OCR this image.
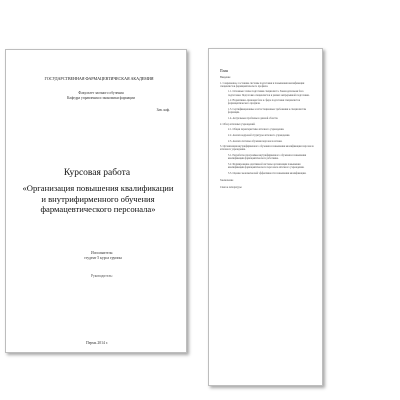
ГОСУДАРСТВЕННАЯ ФАРМАЦЕВТИЧЕСКАЯ АКАДЕМИЯ
Факультет заочного обучения
Кафедра управления и экономики фармации
Зав. каф.
Курсовая работа
«Организация повышения квалификации и внутрифирменного обучения фармацевтического персонала»
Исполнитель:
студент 5 курса группы
Руководитель:
Пермь 2014 г.
План
Введение
1. Современное состояние системы подготовки и повышения квалификации специалистов фармацевтического профиля.
1.1. Основные этапы подготовки специалиста. Законодательная база подготовки. Подготовка специалистов в рамках непрерывной подготовки.
1.2. Нормативно-правовая база в сфере подготовки специалистов фармацевтического профиля.
1.3. Сертификационные и аттестационные требования к специалистам фармации.
1.4. Актуальные проблемы в данной области.
2. Обзор аптечных учреждений.
2.1. Общая характеристика аптечного учреждения.
2.2. Анализ кадровой структуры аптечного учреждения.
2.3. Анализ системы обучения персонала аптеки.
3. Организация внутрифирменного обучения и повышения квалификации персонала аптечного учреждения.
3.1. Разработка программы внутрифирменного обучения и повышения квалификации фармацевтического работника.
3.2. Формирование адаптивной системы организации повышения квалификации фармацевтического персонала аптечного учреждения.
3.3. Оценка экономической эффективности повышения квалификации.
Заключение
Список литературы
